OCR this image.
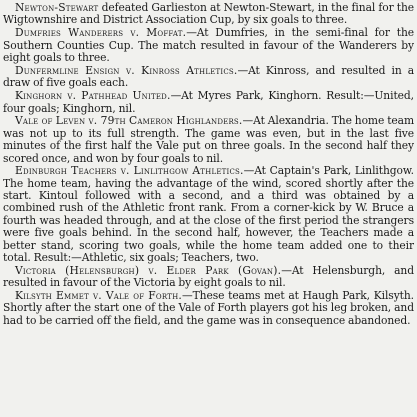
Newton-Stewart defeated Garlieston at Newton-Stewart, in the final for the Wigtownshire and District Association Cup, by six goals to three.

Dumfries Wanderers v. Moffat.—At Dumfries, in the semi-final for the Southern Counties Cup. The match resulted in favour of the Wanderers by eight goals to three.

Dunfermline Ensign v. Kinross Athletics.—At Kinross, and resulted in a draw of five goals each.

Kinghorn v. Pathhead United.—At Myres Park, Kinghorn. Result:—United, four goals; Kinghorn, nil.

Vale of Leven v. 79th Cameron Highlanders.—At Alexandria. The home team was not up to its full strength. The game was even, but in the last five minutes of the first half the Vale put on three goals. In the second half they scored once, and won by four goals to nil.

Edinburgh Teachers v. Linlithgow Athletics.—At Captain's Park, Linlithgow. The home team, having the advantage of the wind, scored shortly after the start. Kintoul followed with a second, and a third was obtained by a combined rush of the Athletic front rank. From a corner-kick by W. Bruce a fourth was headed through, and at the close of the first period the strangers were five goals behind. In the second half, however, the Teachers made a better stand, scoring two goals, while the home team added one to their total. Result:—Athletic, six goals; Teachers, two.

Victoria (Helensburgh) v. Elder Park (Govan).—At Helensburgh, and resulted in favour of the Victoria by eight goals to nil.

Kilsyth Emmet v. Vale of Forth.—These teams met at Haugh Park, Kilsyth. Shortly after the start one of the Vale of Forth players got his leg broken, and had to be carried off the field, and the game was in consequence abandoned.
